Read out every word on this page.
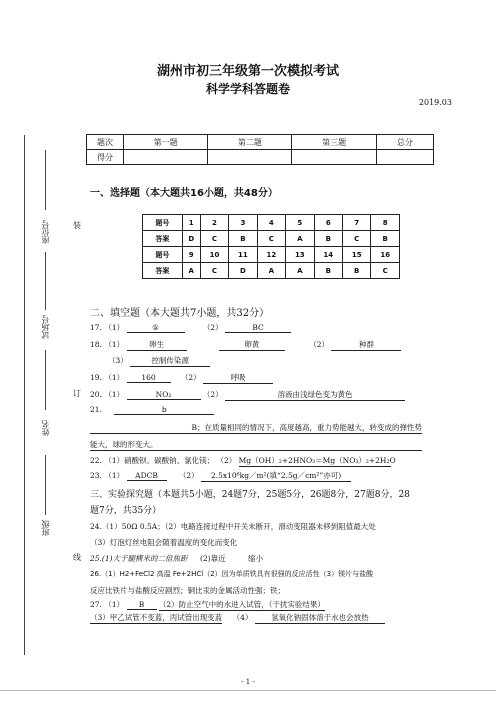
湖州市初三年级第一次模拟考试
科学学科答题卷
2019.03
座位号
试场号
姓名
班级
装
订
线
题次	第一题	第二题	第三题	总分
得分				
一、选择题（本大题共16小题，共48分）
题号	1	2	3	4	5	6	7	8
答案	D	C	B	C	A	B	C	B
题号	9	10	11	12	13	14	15	16
答案	A	C	D	A	A	B	B	C
二、填空题（本大题共7小题，共32分）
17. （1）	⑤	（2）	BC
18. （1）	卵生	卵黄	（2）	种群
（3）	控制传染源
19. （1） 160	（2）	呼吸
20. （1）	NO₂	（2）	溶液由浅绿色变为黄色
21.	b
B；在质量相同的情况下，高度越高，重力势能越大，转变成的弹性势
能大，球的形变大。
22. （1）硝酸钡、碳酸钠、氯化镁； （2） Mg（OH）₂+2HNO₃＝Mg（NO₃）₂+2H₂O
23. （1） ADCB	（2） 2.5x10⁶kg／m²(填“2.5g／cm²”亦可)
三、实验探究题（本题共5小题，24题7分，25题5分，26题8分，27题8分，28
题7分，共35分）
24.（1）50Ω 0.5A；（2）电路连接过程中开关未断开，滑动变阻器未移到阻值最大处
（3）灯泡灯丝电阻会随着温度的变化而变化
25.(1)大于腿横米的二倍焦距 (2)靠近	缩小
26.（1）H2+FeCl2 高温 Fe+2HCl（2）因为单质铁具有很强的反应活性（3）镁片与盐酸
反应比铁片与盐酸反应剧烈；铜比汞的金属活动性强；铁；
27. （1） B （2）防止空气中的水进入试管，（干扰实验结果）
（3）甲乙试管不变蓝，丙试管出现变蓝 （4） 氢氧化钠固体溶于水也会放热
- 1 -
